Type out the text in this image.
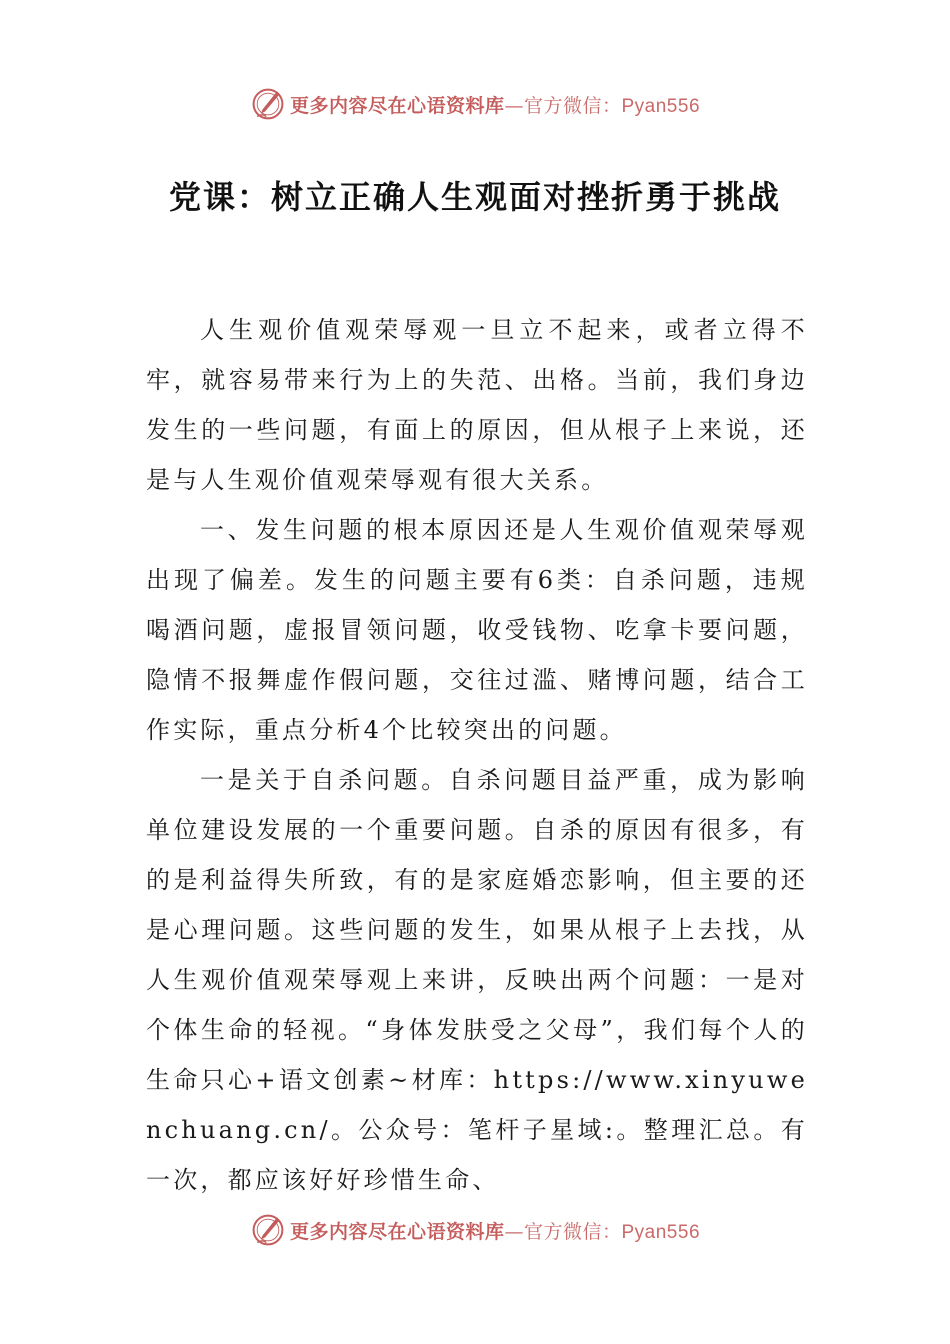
更多内容尽在心语资料库—官方微信：Pyan556
党课：树立正确人生观面对挫折勇于挑战

人生观价值观荣辱观一旦立不起来，或者立得不牢，就容易带来行为上的失范、出格。当前，我们身边发生的一些问题，有面上的原因，但从根子上来说，还是与人生观价值观荣辱观有很大关系。

一、发生问题的根本原因还是人生观价值观荣辱观出现了偏差。发生的问题主要有6类：自杀问题，违规喝酒问题，虚报冒领问题，收受钱物、吃拿卡要问题，隐情不报舞虚作假问题，交往过滥、赌博问题，结合工作实际，重点分析4个比较突出的问题。

一是关于自杀问题。自杀问题目益严重，成为影响单位建设发展的一个重要问题。自杀的原因有很多，有的是利益得失所致，有的是家庭婚恋影响，但主要的还是心理问题。这些问题的发生，如果从根子上去找，从人生观价值观荣辱观上来讲，反映出两个问题：一是对个体生命的轻视。“身体发肤受之父母”，我们每个人的生命只心+语文创素~材库：https://www.xinyuwenchuang.cn/。公众号：笔杆子星域:。整理汇总。有一次，都应该好好珍惜生命、

更多内容尽在心语资料库—官方微信：Pyan556
